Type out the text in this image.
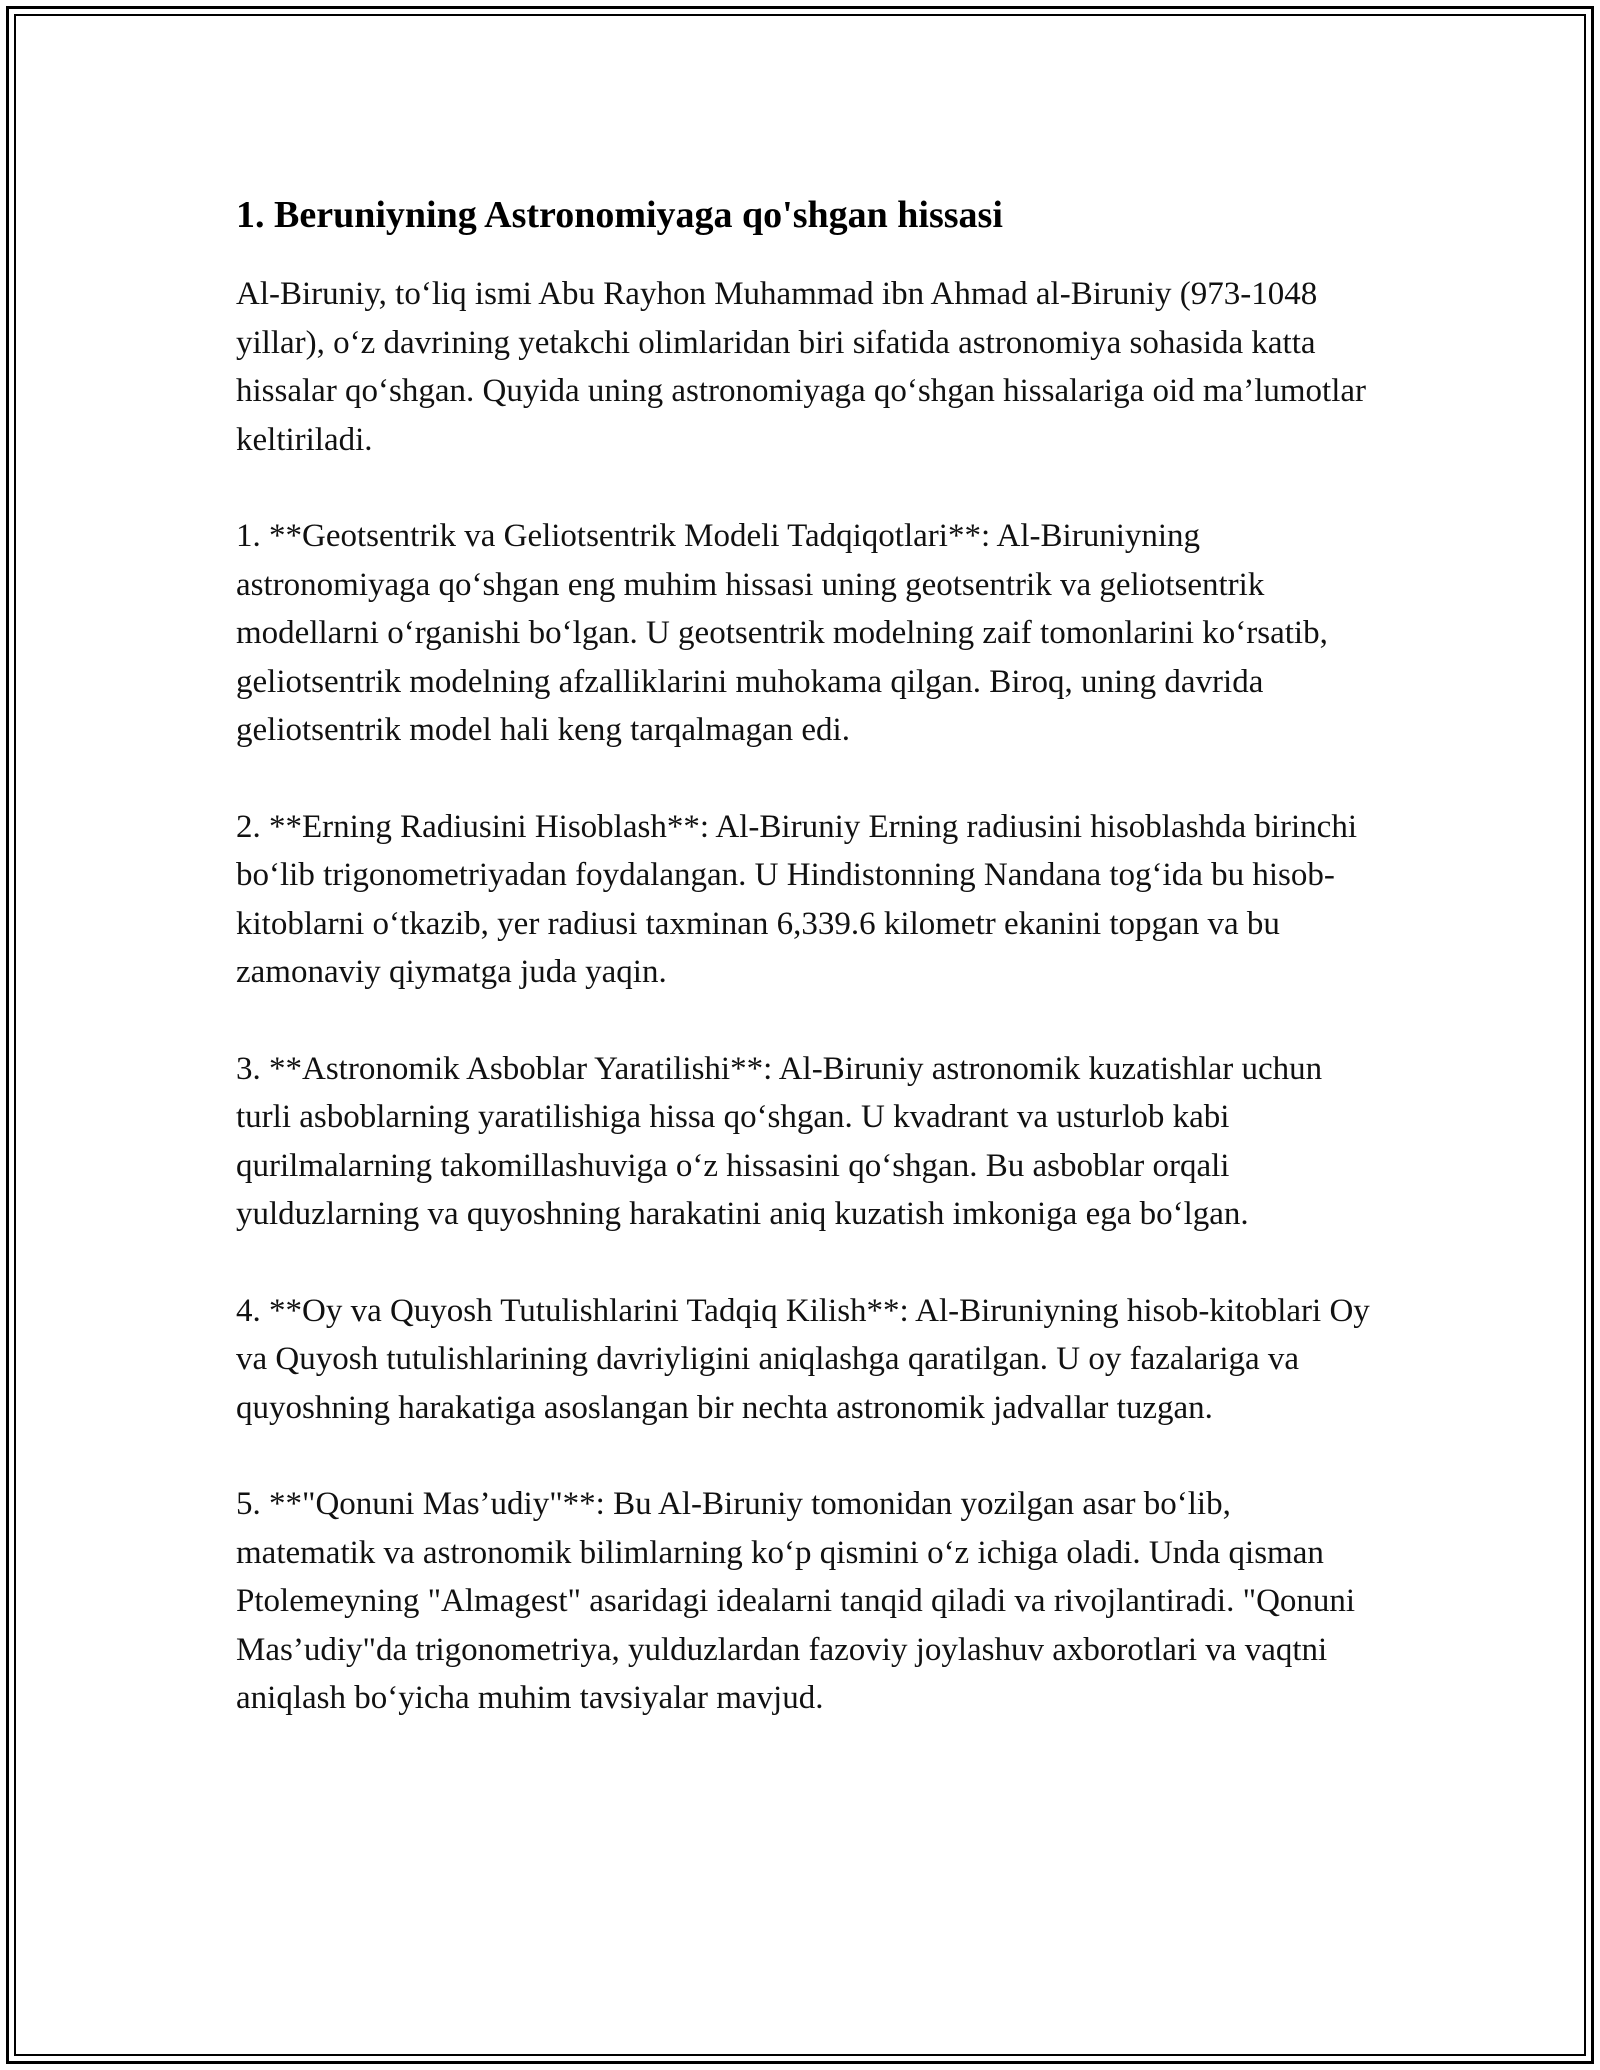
1. Beruniyning Astronomiyaga qo'shgan hissasi

Al-Biruniy, to‘liq ismi Abu Rayhon Muhammad ibn Ahmad al-Biruniy (973-1048 yillar), o‘z davrining yetakchi olimlaridan biri sifatida astronomiya sohasida katta hissalar qo‘shgan. Quyida uning astronomiyaga qo‘shgan hissalariga oid ma’lumotlar keltiriladi.

1. **Geotsentrik va Geliotsentrik Modeli Tadqiqotlari**: Al-Biruniyning astronomiyaga qo‘shgan eng muhim hissasi uning geotsentrik va geliotsentrik modellarni o‘rganishi bo‘lgan. U geotsentrik modelning zaif tomonlarini ko‘rsatib, geliotsentrik modelning afzalliklarini muhokama qilgan. Biroq, uning davrida geliotsentrik model hali keng tarqalmagan edi.

2. **Erning Radiusini Hisoblash**: Al-Biruniy Erning radiusini hisoblashda birinchi bo‘lib trigonometriyadan foydalangan. U Hindistonning Nandana tog‘ida bu hisob-kitoblarni o‘tkazib, yer radiusi taxminan 6,339.6 kilometr ekanini topgan va bu zamonaviy qiymatga juda yaqin.

3. **Astronomik Asboblar Yaratilishi**: Al-Biruniy astronomik kuzatishlar uchun turli asboblarning yaratilishiga hissa qo‘shgan. U kvadrant va usturlob kabi qurilmalarning takomillashuviga o‘z hissasini qo‘shgan. Bu asboblar orqali yulduzlarning va quyoshning harakatini aniq kuzatish imkoniga ega bo‘lgan.

4. **Oy va Quyosh Tutulishlarini Tadqiq Kilish**: Al-Biruniyning hisob-kitoblari Oy va Quyosh tutulishlarining davriyligini aniqlashga qaratilgan. U oy fazalariga va quyoshning harakatiga asoslangan bir nechta astronomik jadvallar tuzgan.

5. **"Qonuni Mas’udiy"**: Bu Al-Biruniy tomonidan yozilgan asar bo‘lib, matematik va astronomik bilimlarning ko‘p qismini o‘z ichiga oladi. Unda qisman Ptolemeyning "Almagest" asaridagi idealarni tanqid qiladi va rivojlantiradi. "Qonuni Mas’udiy"da trigonometriya, yulduzlardan fazoviy joylashuv axborotlari va vaqtni aniqlash bo‘yicha muhim tavsiyalar mavjud.
